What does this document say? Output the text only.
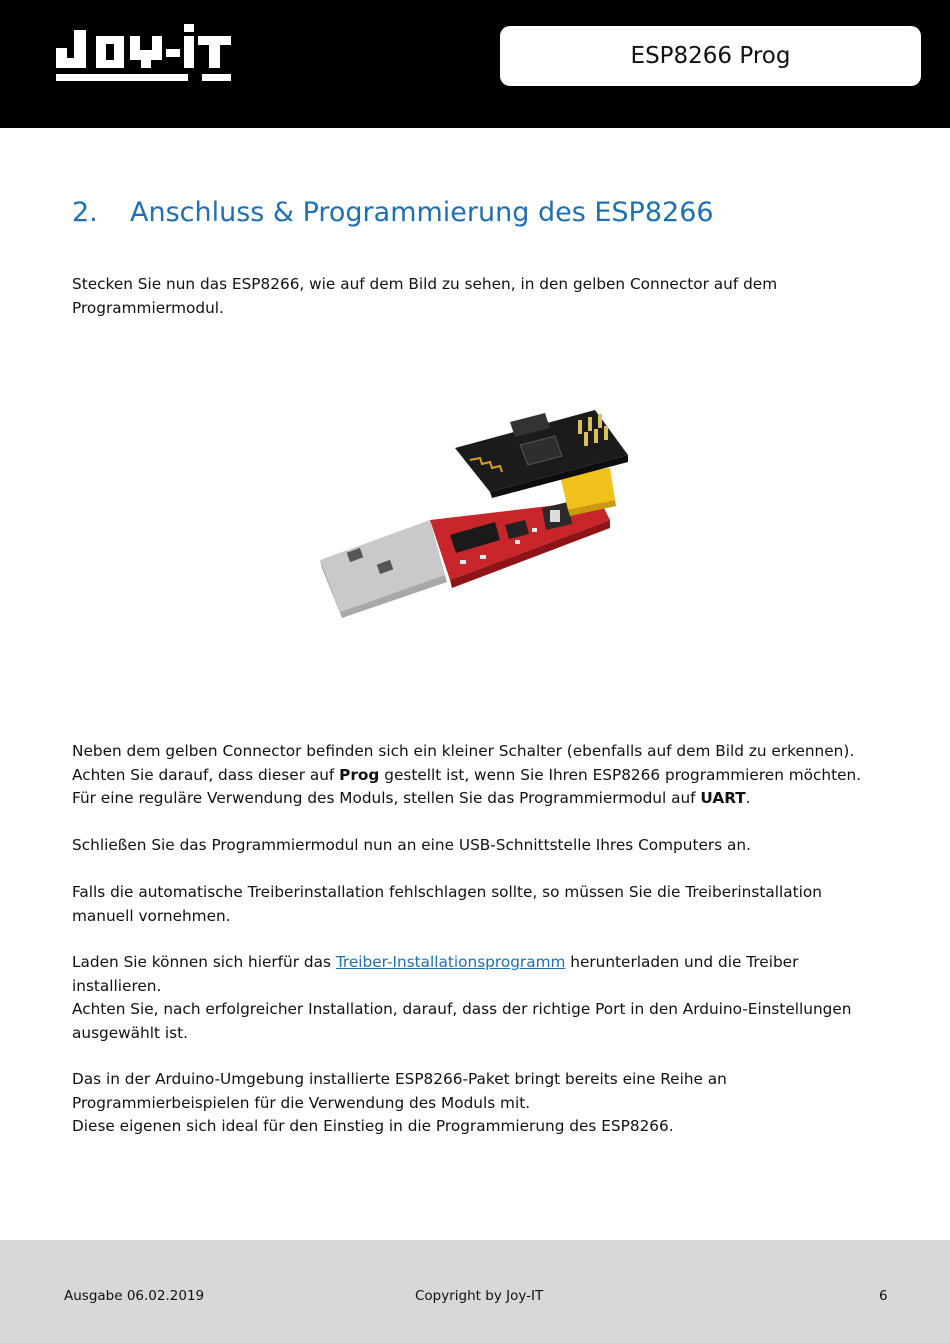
ESP8266 Prog
2. Anschluss & Programmierung des ESP8266

Stecken Sie nun das ESP8266, wie auf dem Bild zu sehen, in den gelben Connector auf dem
Programmiermodul.

Neben dem gelben Connector befinden sich ein kleiner Schalter (ebenfalls auf dem Bild zu erkennen).
Achten Sie darauf, dass dieser auf Prog gestellt ist, wenn Sie Ihren ESP8266 programmieren möchten.
Für eine reguläre Verwendung des Moduls, stellen Sie das Programmiermodul auf UART.

Schließen Sie das Programmiermodul nun an eine USB-Schnittstelle Ihres Computers an.

Falls die automatische Treiberinstallation fehlschlagen sollte, so müssen Sie die Treiberinstallation
manuell vornehmen.

Laden Sie können sich hierfür das Treiber-Installationsprogramm herunterladen und die Treiber
installieren.
Achten Sie, nach erfolgreicher Installation, darauf, dass der richtige Port in den Arduino-Einstellungen
ausgewählt ist.

Das in der Arduino-Umgebung installierte ESP8266-Paket bringt bereits eine Reihe an
Programmierbeispielen für die Verwendung des Moduls mit.
Diese eigenen sich ideal für den Einstieg in die Programmierung des ESP8266.

Ausgabe 06.02.2019	Copyright by Joy-IT	6
